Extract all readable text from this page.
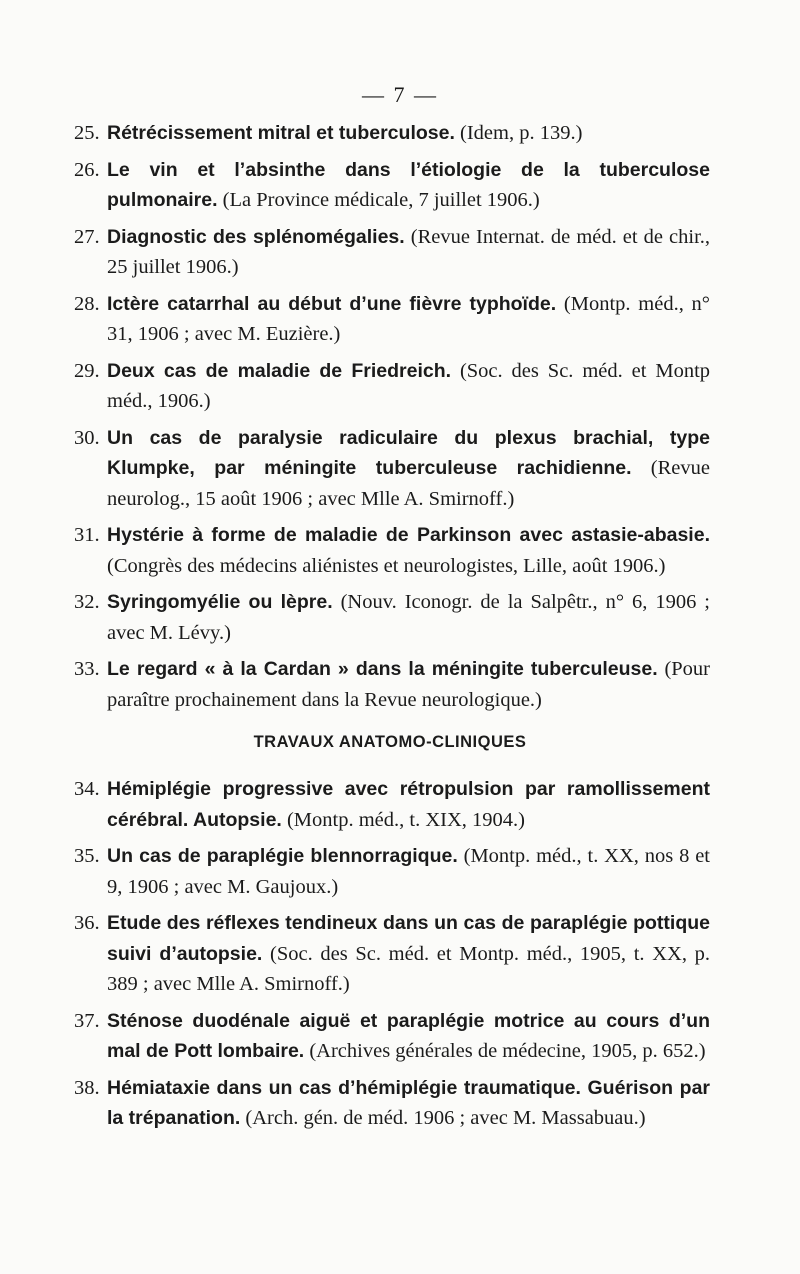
— 7 —
25. Rétrécissement mitral et tuberculose. (Idem, p. 139.)
26. Le vin et l’absinthe dans l’étiologie de la tuberculose pulmonaire. (La Province médicale, 7 juillet 1906.)
27. Diagnostic des splénomégalies. (Revue Internat. de méd. et de chir., 25 juillet 1906.)
28. Ictère catarrhal au début d’une fièvre typhoïde. (Montp. méd., n° 31, 1906 ; avec M. Euzière.)
29. Deux cas de maladie de Friedreich. (Soc. des Sc. méd. et Montp méd., 1906.)
30. Un cas de paralysie radiculaire du plexus brachial, type Klumpke, par méningite tuberculeuse rachidienne. (Revue neurolog., 15 août 1906 ; avec Mlle A. Smirnoff.)
31. Hystérie à forme de maladie de Parkinson avec astasie-abasie. (Congrès des médecins aliénistes et neurologistes, Lille, août 1906.)
32. Syringomyélie ou lèpre. (Nouv. Iconogr. de la Salpêtr., n° 6, 1906 ; avec M. Lévy.)
33. Le regard « à la Cardan » dans la méningite tuberculeuse. (Pour paraître prochainement dans la Revue neurologique.)
TRAVAUX ANATOMO-CLINIQUES
34. Hémiplégie progressive avec rétropulsion par ramollissement cérébral. Autopsie. (Montp. méd., t. XIX, 1904.)
35. Un cas de paraplégie blennorragique. (Montp. méd., t. XX, nos 8 et 9, 1906 ; avec M. Gaujoux.)
36. Etude des réflexes tendineux dans un cas de paraplégie pottique suivi d’autopsie. (Soc. des Sc. méd. et Montp. méd., 1905, t. XX, p. 389 ; avec Mlle A. Smirnoff.)
37. Sténose duodénale aiguë et paraplégie motrice au cours d’un mal de Pott lombaire. (Archives générales de médecine, 1905, p. 652.)
38. Hémiataxie dans un cas d’hémiplégie traumatique. Guérison par la trépanation. (Arch. gén. de méd. 1906 ; avec M. Massabuau.)
